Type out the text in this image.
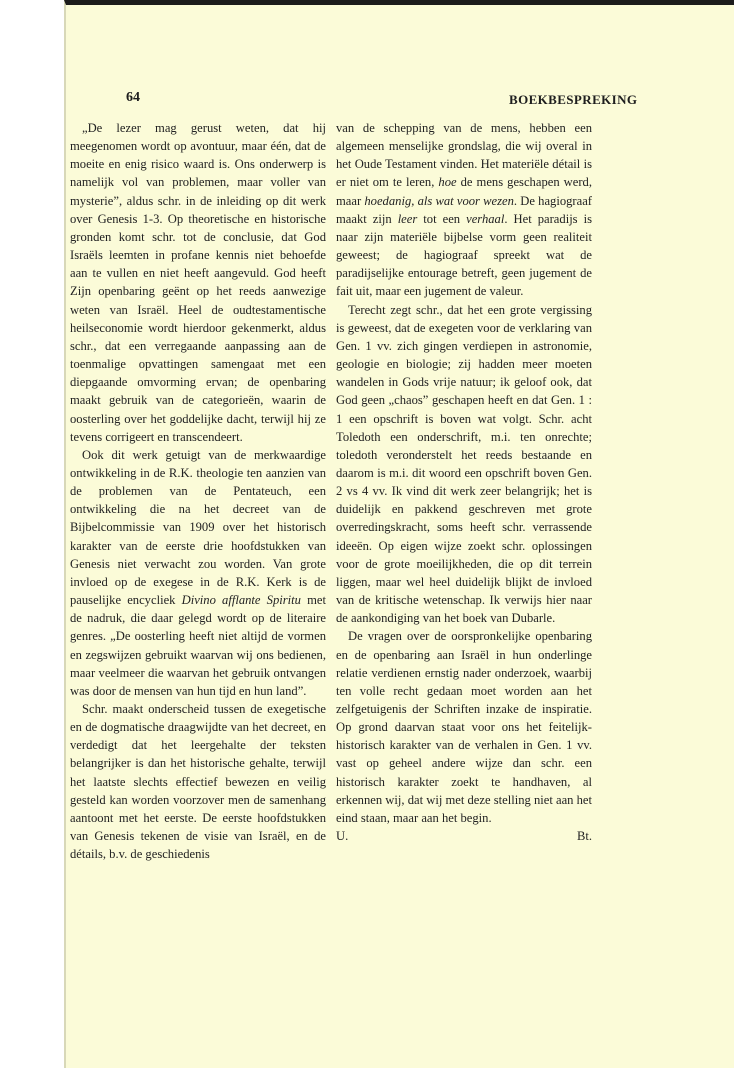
64	BOEKBESPREKING

„De lezer mag gerust weten, dat hij meegenomen wordt op avontuur, maar één, dat de moeite en enig risico waard is. Ons onderwerp is namelijk vol van problemen, maar voller van mysterie”, aldus schr. in de inleiding op dit werk over Genesis 1-3. Op theoretische en historische gronden komt schr. tot de conclusie, dat God Israëls leemten in profane kennis niet behoefde aan te vullen en niet heeft aangevuld. God heeft Zijn openbaring geënt op het reeds aanwezige weten van Israël. Heel de oudtestamentische heilseconomie wordt hierdoor gekenmerkt, aldus schr., dat een verregaande aanpassing aan de toenmalige opvattingen samengaat met een diepgaande omvorming ervan; de openbaring maakt gebruik van de categorieën, waarin de oosterling over het goddelijke dacht, terwijl hij ze tevens corrigeert en transcendeert.

Ook dit werk getuigt van de merkwaardige ontwikkeling in de R.K. theologie ten aanzien van de problemen van de Pentateuch, een ontwikkeling die na het decreet van de Bijbelcommissie van 1909 over het historisch karakter van de eerste drie hoofdstukken van Genesis niet verwacht zou worden. Van grote invloed op de exegese in de R.K. Kerk is de pauselijke encycliek Divino afflante Spiritu met de nadruk, die daar gelegd wordt op de literaire genres. „De oosterling heeft niet altijd de vormen en zegswijzen gebruikt waarvan wij ons bedienen, maar veelmeer die waarvan het gebruik ontvangen was door de mensen van hun tijd en hun land”.

Schr. maakt onderscheid tussen de exegetische en de dogmatische draagwijdte van het decreet, en verdedigt dat het leergehalte der teksten belangrijker is dan het historische gehalte, terwijl het laatste slechts effectief bewezen en veilig gesteld kan worden voorzover men de samenhang aantoont met het eerste. De eerste hoofdstukken van Genesis tekenen de visie van Israël, en de détails, b.v. de geschiedenis

van de schepping van de mens, hebben een algemeen menselijke grondslag, die wij overal in het Oude Testament vinden. Het materiële détail is er niet om te leren, hoe de mens geschapen werd, maar hoedanig, als wat voor wezen. De hagiograaf maakt zijn leer tot een verhaal. Het paradijs is naar zijn materiële bijbelse vorm geen realiteit geweest; de hagiograaf spreekt wat de paradijselijke entourage betreft, geen jugement de fait uit, maar een jugement de valeur.

Terecht zegt schr., dat het een grote vergissing is geweest, dat de exegeten voor de verklaring van Gen. 1 vv. zich gingen verdiepen in astronomie, geologie en biologie; zij hadden meer moeten wandelen in Gods vrije natuur; ik geloof ook, dat God geen „chaos” geschapen heeft en dat Gen. 1 : 1 een opschrift is boven wat volgt. Schr. acht Toledoth een onderschrift, m.i. ten onrechte; toledoth veronderstelt het reeds bestaande en daarom is m.i. dit woord een opschrift boven Gen. 2 vs 4 vv. Ik vind dit werk zeer belangrijk; het is duidelijk en pakkend geschreven met grote overredingskracht, soms heeft schr. verrassende ideeën. Op eigen wijze zoekt schr. oplossingen voor de grote moeilijkheden, die op dit terrein liggen, maar wel heel duidelijk blijkt de invloed van de kritische wetenschap. Ik verwijs hier naar de aankondiging van het boek van Dubarle.

De vragen over de oorspronkelijke openbaring en de openbaring aan Israël in hun onderlinge relatie verdienen ernstig nader onderzoek, waarbij ten volle recht gedaan moet worden aan het zelfgetuigenis der Schriften inzake de inspiratie. Op grond daarvan staat voor ons het feitelijk-historisch karakter van de verhalen in Gen. 1 vv. vast op geheel andere wijze dan schr. een historisch karakter zoekt te handhaven, al erkennen wij, dat wij met deze stelling niet aan het eind staan, maar aan het begin.

U.	Bt.
